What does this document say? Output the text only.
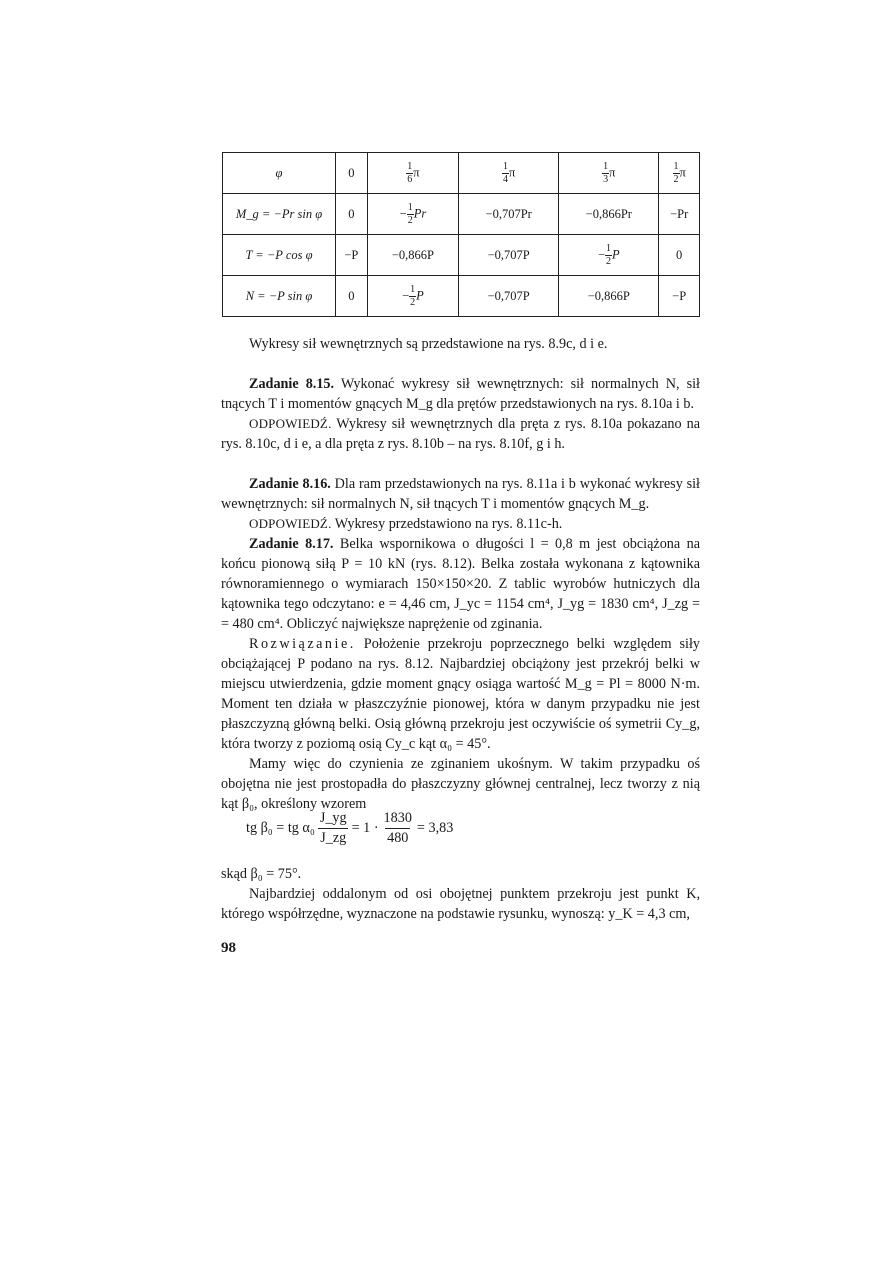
φ	0	$\frac{1}{6}$ π	$\frac{1}{4}$ π	$\frac{1}{3}$ π	$\frac{1}{2}$ π
M_g = −Pr sin φ	0	− $\frac{1}{2}$ Pr	−0,707Pr	−0,866Pr	−Pr
T = −P cos φ	−P	−0,866P	−0,707P	− $\frac{1}{2}$ P	0
N = −P sin φ	0	− $\frac{1}{2}$ P	−0,707P	−0,866P	−P

Wykresy sił wewnętrznych są przedstawione na rys. 8.9c, d i e.

Zadanie 8.15. Wykonać wykresy sił wewnętrznych: sił normalnych N, sił tnących T i momentów gnących M_g dla prętów przedstawionych na rys. 8.10a i b.

ODPOWIEDŹ. Wykresy sił wewnętrznych dla pręta z rys. 8.10a pokazano na rys. 8.10c, d i e, a dla pręta z rys. 8.10b – na rys. 8.10f, g i h.

Zadanie 8.16. Dla ram przedstawionych na rys. 8.11a i b wykonać wykresy sił wewnętrznych: sił normalnych N, sił tnących T i momentów gnących M_g.

ODPOWIEDŹ. Wykresy przedstawiono na rys. 8.11c-h.

Zadanie 8.17. Belka wspornikowa o długości l = 0,8 m jest obciążona na końcu pionową siłą P = 10 kN (rys. 8.12). Belka została wykonana z kątownika równoramiennego o wymiarach 150×150×20. Z tablic wyrobów hutniczych dla kątownika tego odczytano: e = 4,46 cm, J_yc = 1154 cm⁴, J_yg = 1830 cm⁴, J_zg = = 480 cm⁴. Obliczyć największe naprężenie od zginania.

Rozwiązanie. Położenie przekroju poprzecznego belki względem siły obciążającej P podano na rys. 8.12. Najbardziej obciążony jest przekrój belki w miejscu utwierdzenia, gdzie moment gnący osiąga wartość M_g = Pl = 8000 N·m. Moment ten działa w płaszczyźnie pionowej, która w danym przypadku nie jest płaszczyzną główną belki. Osią główną przekroju jest oczywiście oś symetrii Cy_g, która tworzy z poziomą osią Cy_c kąt α₀ = 45°.

Mamy więc do czynienia ze zginaniem ukośnym. W takim przypadku oś obojętna nie jest prostopadła do płaszczyzny głównej centralnej, lecz tworzy z nią kąt β₀, określony wzorem

tg β₀ = tg $\alpha_0 \frac{J\_yg}{J\_zg} = 1 \cdot \frac{1830}{480} = 3,83$

skąd β₀ = 75°.

Najbardziej oddalonym od osi obojętnej punktem przekroju jest punkt K, którego współrzędne, wyznaczone na podstawie rysunku, wynoszą: y_K = 4,3 cm,

98
